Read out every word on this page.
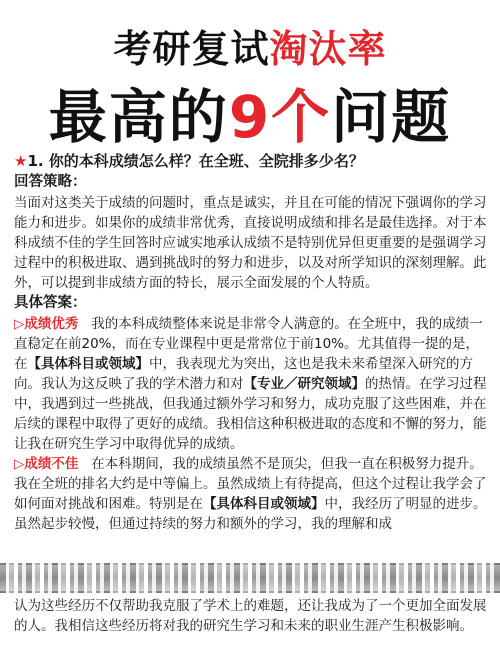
考研复试淘汰率
最高的9个问题

★1. 你的本科成绩怎么样？在全班、全院排多少名？

回答策略：

当面对这类关于成绩的问题时，重点是诚实，并且在可能的情况下强调你的学习能力和进步。如果你的成绩非常优秀，直接说明成绩和排名是最佳选择。对于本科成绩不佳的学生回答时应诚实地承认成绩不是特别优异但更重要的是强调学习过程中的积极进取、遇到挑战时的努力和进步，以及对所学知识的深刻理解。此外，可以提到非成绩方面的特长，展示全面发展的个人特质。

具体答案：

▷成绩优秀 我的本科成绩整体来说是非常令人满意的。在全班中，我的成绩一直稳定在前20%，而在专业课程中更是常常位于前10%。尤其值得一提的是，在【具体科目或领域】中，我表现尤为突出，这也是我未来希望深入研究的方向。我认为这反映了我的学术潜力和对【专业／研究领域】的热情。在学习过程中，我遇到过一些挑战，但我通过额外学习和努力，成功克服了这些困难，并在后续的课程中取得了更好的成绩。我相信这种积极进取的态度和不懈的努力，能让我在研究生学习中取得优异的成绩。

▷成绩不佳 在本科期间，我的成绩虽然不是顶尖，但我一直在积极努力提升。我在全班的排名大约是中等偏上。虽然成绩上有待提高，但这个过程让我学会了如何面对挑战和困难。特别是在【具体科目或领域】中，我经历了明显的进步。虽然起步较慢，但通过持续的努力和额外的学习，我的理解和成

认为这些经历不仅帮助我克服了学术上的难题，还让我成为了一个更加全面发展的人。我相信这些经历将对我的研究生学习和未来的职业生涯产生积极影响。
